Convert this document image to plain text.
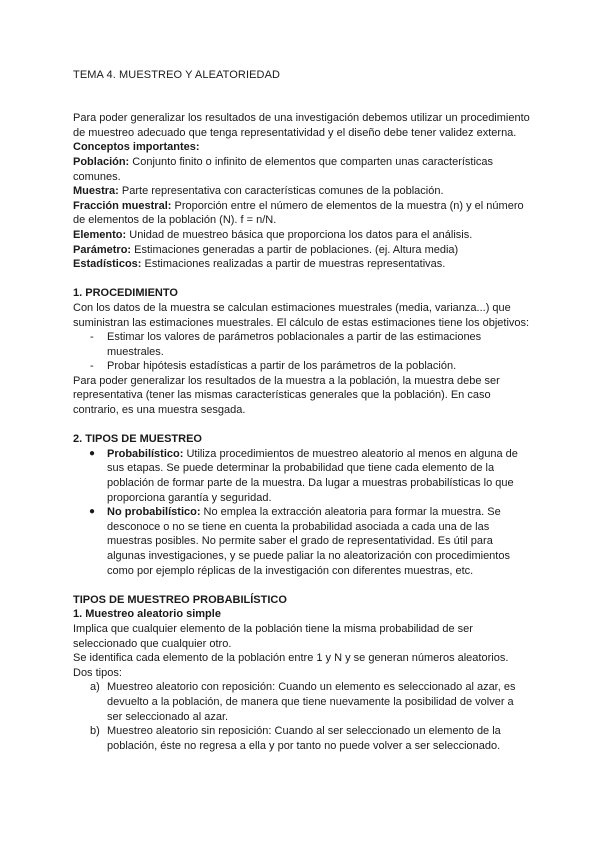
TEMA 4. MUESTREO Y ALEATORIEDAD

Para poder generalizar los resultados de una investigación debemos utilizar un procedimiento de muestreo adecuado que tenga representatividad y el diseño debe tener validez externa.

Conceptos importantes:

Población: Conjunto finito o infinito de elementos que comparten unas características comunes.

Muestra: Parte representativa con características comunes de la población.

Fracción muestral: Proporción entre el número de elementos de la muestra (n) y el número de elementos de la población (N). f = n/N.

Elemento: Unidad de muestreo básica que proporciona los datos para el análisis.

Parámetro: Estimaciones generadas a partir de poblaciones. (ej. Altura media)

Estadísticos: Estimaciones realizadas a partir de muestras representativas.

1. PROCEDIMIENTO

Con los datos de la muestra se calculan estimaciones muestrales (media, varianza...) que suministran las estimaciones muestrales. El cálculo de estas estimaciones tiene los objetivos:

- Estimar los valores de parámetros poblacionales a partir de las estimaciones muestrales.
- Probar hipótesis estadísticas a partir de los parámetros de la población.

Para poder generalizar los resultados de la muestra a la población, la muestra debe ser representativa (tener las mismas características generales que la población). En caso contrario, es una muestra sesgada.

2. TIPOS DE MUESTREO

● Probabilístico: Utiliza procedimientos de muestreo aleatorio al menos en alguna de sus etapas. Se puede determinar la probabilidad que tiene cada elemento de la población de formar parte de la muestra. Da lugar a muestras probabilísticas lo que proporciona garantía y seguridad.
● No probabilístico: No emplea la extracción aleatoria para formar la muestra. Se desconoce o no se tiene en cuenta la probabilidad asociada a cada una de las muestras posibles. No permite saber el grado de representatividad. Es útil para algunas investigaciones, y se puede paliar la no aleatorización con procedimientos como por ejemplo réplicas de la investigación con diferentes muestras, etc.

TIPOS DE MUESTREO PROBABILÍSTICO

1. Muestreo aleatorio simple

Implica que cualquier elemento de la población tiene la misma probabilidad de ser seleccionado que cualquier otro.

Se identifica cada elemento de la población entre 1 y N y se generan números aleatorios. Dos tipos:

a) Muestreo aleatorio con reposición: Cuando un elemento es seleccionado al azar, es devuelto a la población, de manera que tiene nuevamente la posibilidad de volver a ser seleccionado al azar.
b) Muestreo aleatorio sin reposición: Cuando al ser seleccionado un elemento de la población, éste no regresa a ella y por tanto no puede volver a ser seleccionado.
